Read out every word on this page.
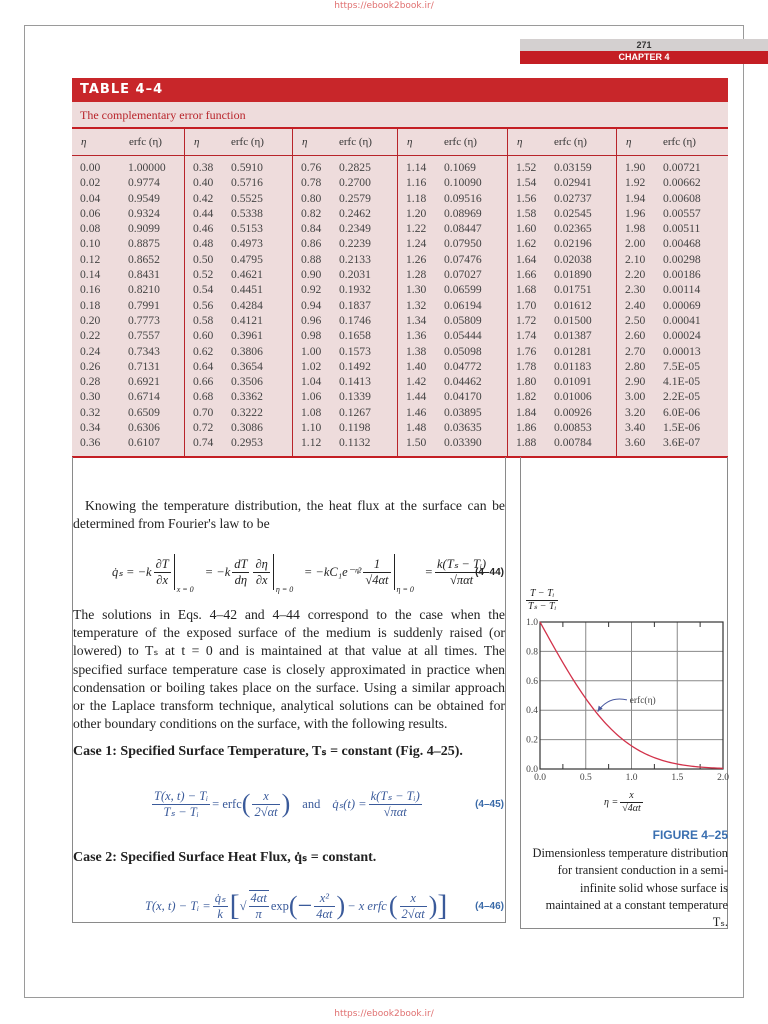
https://ebook2book.ir/
https://ebook2book.ir/
271
CHAPTER 4
TABLE 4–4
The complementary error function
η	erfc (η)
0.00 1.00000
0.02 0.9774
0.04 0.9549
0.06 0.9324
0.08 0.9099
0.10 0.8875
0.12 0.8652
0.14 0.8431
0.16 0.8210
0.18 0.7991
0.20 0.7773
0.22 0.7557
0.24 0.7343
0.26 0.7131
0.28 0.6921
0.30 0.6714
0.32 0.6509
0.34 0.6306
0.36 0.6107
η	erfc (η)
0.38 0.5910
0.40 0.5716
0.42 0.5525
0.44 0.5338
0.46 0.5153
0.48 0.4973
0.50 0.4795
0.52 0.4621
0.54 0.4451
0.56 0.4284
0.58 0.4121
0.60 0.3961
0.62 0.3806
0.64 0.3654
0.66 0.3506
0.68 0.3362
0.70 0.3222
0.72 0.3086
0.74 0.2953
η	erfc (η)
0.76 0.2825
0.78 0.2700
0.80 0.2579
0.82 0.2462
0.84 0.2349
0.86 0.2239
0.88 0.2133
0.90 0.2031
0.92 0.1932
0.94 0.1837
0.96 0.1746
0.98 0.1658
1.00 0.1573
1.02 0.1492
1.04 0.1413
1.06 0.1339
1.08 0.1267
1.10 0.1198
1.12 0.1132
η	erfc (η)
1.14 0.1069
1.16 0.10090
1.18 0.09516
1.20 0.08969
1.22 0.08447
1.24 0.07950
1.26 0.07476
1.28 0.07027
1.30 0.06599
1.32 0.06194
1.34 0.05809
1.36 0.05444
1.38 0.05098
1.40 0.04772
1.42 0.04462
1.44 0.04170
1.46 0.03895
1.48 0.03635
1.50 0.03390
η	erfc (η)
1.52 0.03159
1.54 0.02941
1.56 0.02737
1.58 0.02545
1.60 0.02365
1.62 0.02196
1.64 0.02038
1.66 0.01890
1.68 0.01751
1.70 0.01612
1.72 0.01500
1.74 0.01387
1.76 0.01281
1.78 0.01183
1.80 0.01091
1.82 0.01006
1.84 0.00926
1.86 0.00853
1.88 0.00784
η	erfc (η)
1.90 0.00721
1.92 0.00662
1.94 0.00608
1.96 0.00557
1.98 0.00511
2.00 0.00468
2.10 0.00298
2.20 0.00186
2.30 0.00114
2.40 0.00069
2.50 0.00041
2.60 0.00024
2.70 0.00013
2.80 7.5E-05
2.90 4.1E-05
3.00 2.2E-05
3.20 6.0E-06
3.40 1.5E-06
3.60 3.6E-07
Knowing the temperature distribution, the heat flux at the surface can be determined from Fourier's law to be
q̇ₛ = $-k \frac{\partial T}{\partial x}$
x = 0
= $-k \frac{dT}{d\eta} \frac{\partial\eta}{\partial x}$
η = 0
= −kC₁e⁻ᶯ² $\frac{1}{√4\alpha t}$
η = 0
= $\frac{\text{k(Tₛ − Tᵢ)}}{\text{√παt}}$
(4–44)
The solutions in Eqs. 4–42 and 4–44 correspond to the case when the temperature of the exposed surface of the medium is suddenly raised (or lowered) to Tₛ at t = 0 and is maintained at that value at all times. The specified surface temperature case is closely approximated in practice when condensation or boiling takes place on the surface. Using a similar approach or the Laplace transform technique, analytical solutions can be obtained for other boundary conditions on the surface, with the following results.
Case 1: Specified Surface Temperature, Tₛ = constant (Fig. 4–25).
$\frac{\text{T(x, t) − Tᵢ}}{\text{Tₛ − Tᵢ}}$ = erfc ( $\frac{x}{2√\alpha t}$ ) and q̇ₛ(t) = $\frac{\text{k(Tₛ − Tᵢ)}}{\text{√παt}}$	(4–45)
Case 2: Specified Surface Heat Flux, q̇ₛ = constant.
T(x, t) − Tᵢ = $\frac{\text{q̇ₛ}}{k}$ [ √ $\frac{4\alpha t}{\pi}$ exp (− $\frac{\text{x²}}{4\alpha t}$ ) − x erfc ( $\frac{x}{2√\alpha t}$ ) ]	(4–46)
$\frac{\text{T − Tᵢ}}{\text{Tₛ − Tᵢ}}$
0.0	0.5	1.0	1.5	2.0
0.0
0.2
0.4
0.6
0.8
1.0
erfc(η)
$\eta = \frac{x}{√4\alpha t}$
FIGURE 4–25
Dimensionless temperature distribution for transient conduction in a semi-infinite solid whose surface is maintained at a constant temperature Tₛ.
